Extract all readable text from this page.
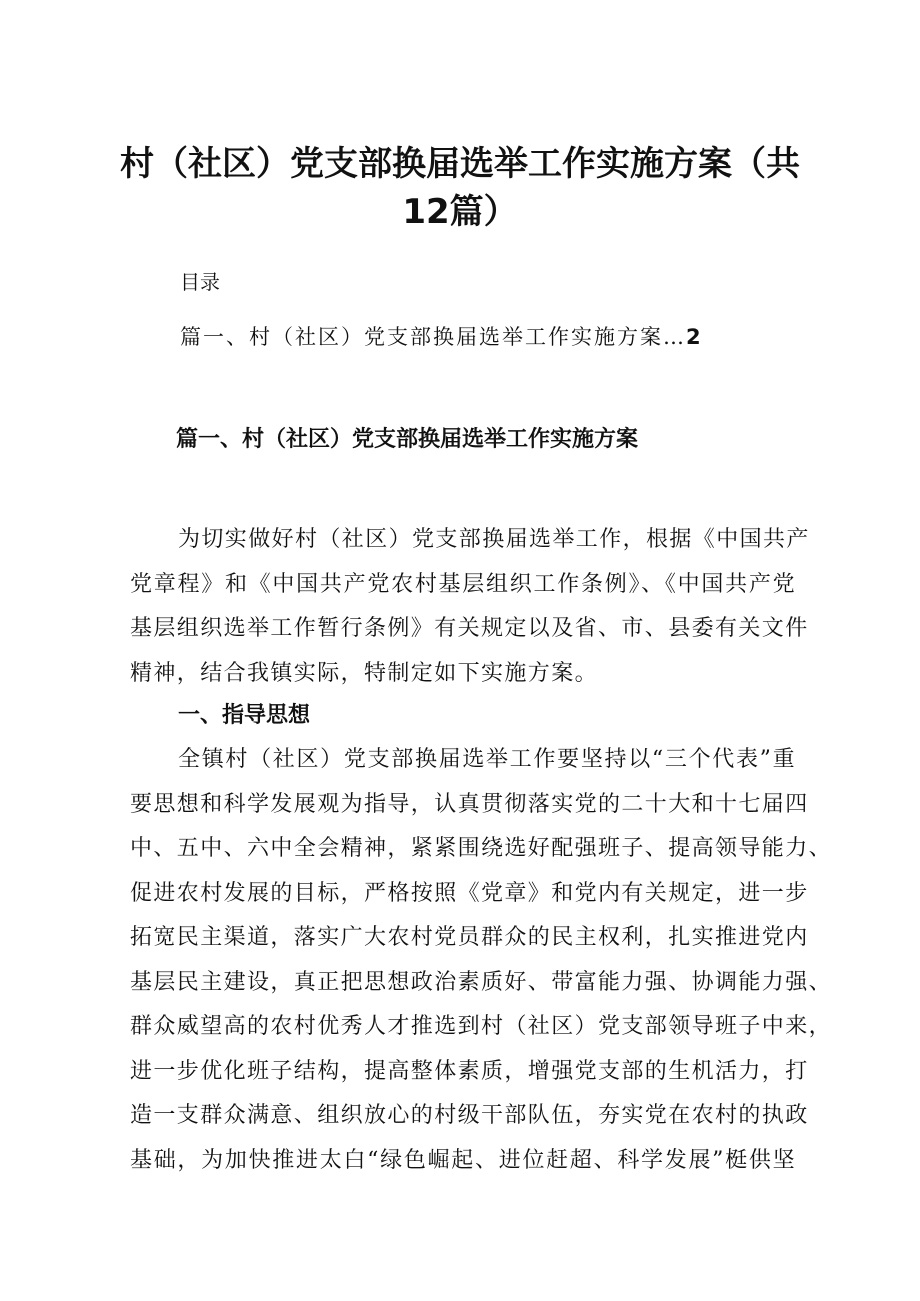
村（社区）党支部换届选举工作实施方案（共
12篇）
目录
篇一、村（社区）党支部换届选举工作实施方案…2
篇一、村（社区）党支部换届选举工作实施方案
为切实做好村（社区）党支部换届选举工作，根据《中国共产
党章程》和《中国共产党农村基层组织工作条例》、《中国共产党
基层组织选举工作暂行条例》有关规定以及省、市、县委有关文件
精神，结合我镇实际，特制定如下实施方案。
一、指导思想
全镇村（社区）党支部换届选举工作要坚持以“三个代表”重
要思想和科学发展观为指导，认真贯彻落实党的二十大和十七届四
中、五中、六中全会精神，紧紧围绕选好配强班子、提高领导能力、
促进农村发展的目标，严格按照《党章》和党内有关规定，进一步
拓宽民主渠道，落实广大农村党员群众的民主权利，扎实推进党内
基层民主建设，真正把思想政治素质好、带富能力强、协调能力强、
群众威望高的农村优秀人才推选到村（社区）党支部领导班子中来，
进一步优化班子结构，提高整体素质，增强党支部的生机活力，打
造一支群众满意、组织放心的村级干部队伍，夯实党在农村的执政
基础，为加快推进太白“绿色崛起、进位赶超、科学发展”梃供坚
